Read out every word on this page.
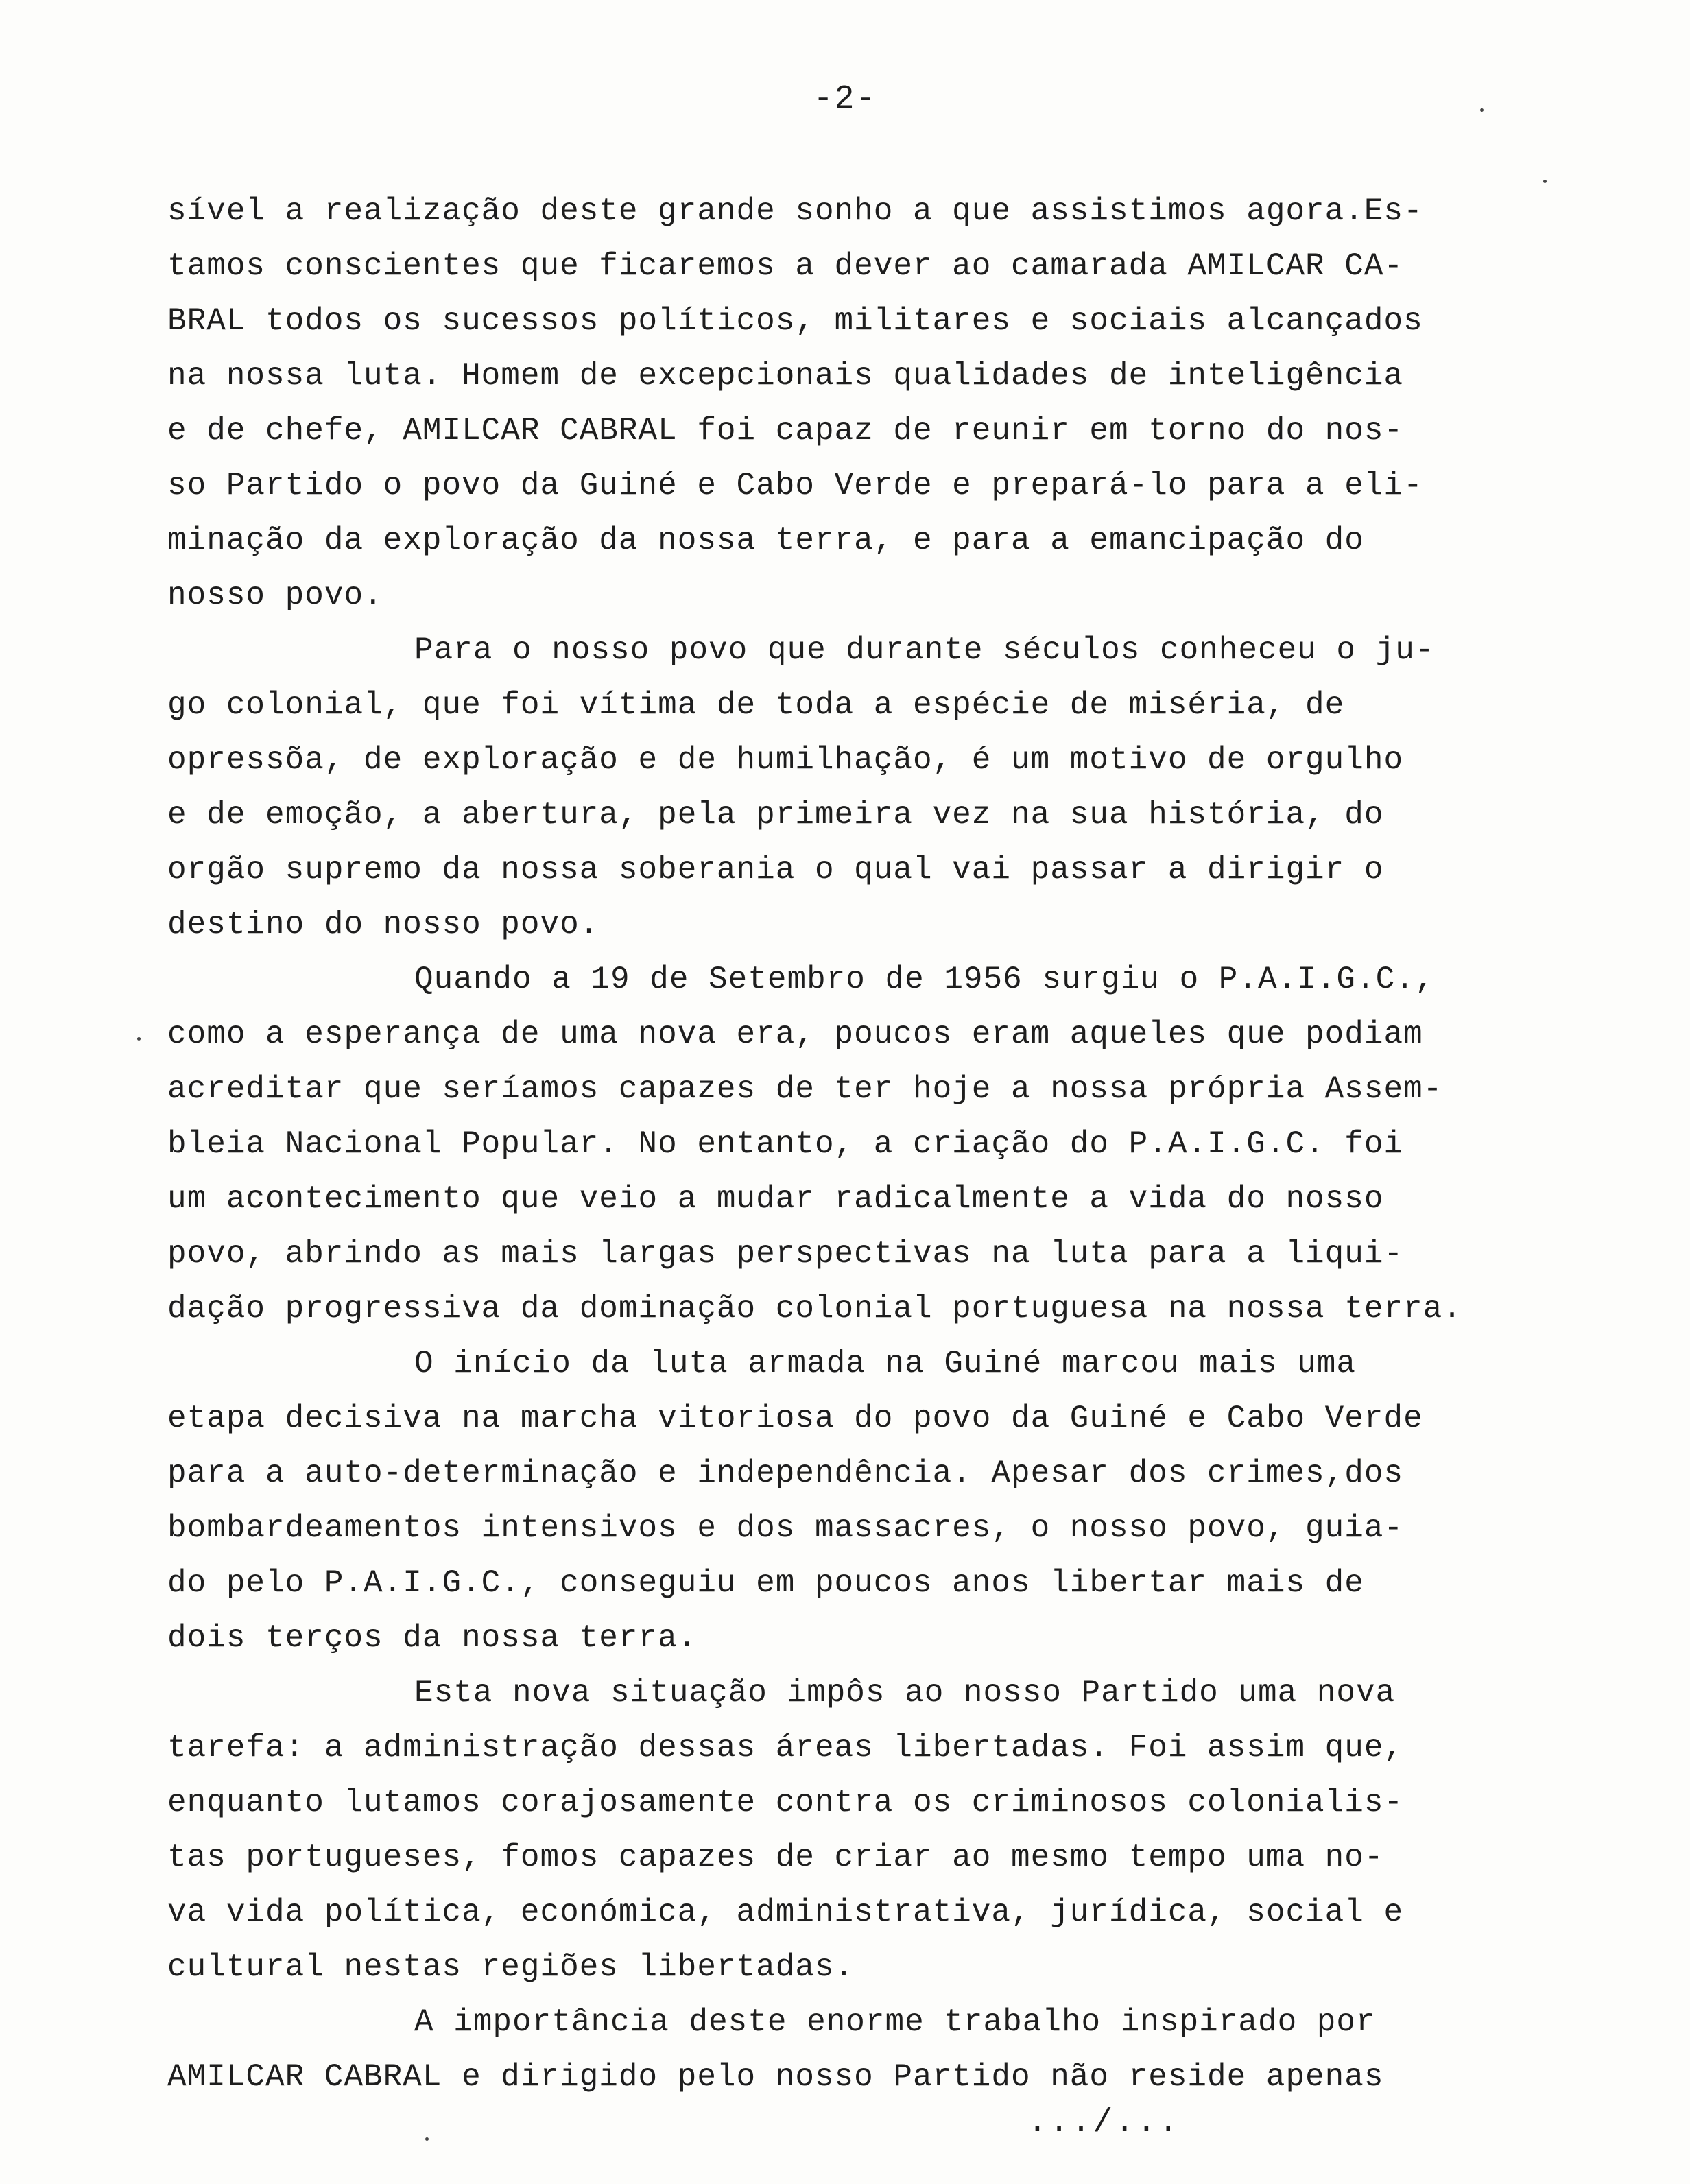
-2-
sível a realização deste grande sonho a que assistimos agora.Es-
tamos conscientes que ficaremos a dever ao camarada AMILCAR CA-
BRAL todos os sucessos políticos, militares e sociais alcançados
na nossa luta. Homem de excepcionais qualidades de inteligência
e de chefe, AMILCAR CABRAL foi capaz de reunir em torno do nos-
so Partido o povo da Guiné e Cabo Verde e prepará-lo para a eli-
minação da exploração da nossa terra, e para a emancipação do
nosso povo.
Para o nosso povo que durante séculos conheceu o ju-
go colonial, que foi vítima de toda a espécie de miséria, de
opressõa, de exploração e de humilhação, é um motivo de orgulho
e de emoção, a abertura, pela primeira vez na sua história, do
orgão supremo da nossa soberania o qual vai passar a dirigir o
destino do nosso povo.
Quando a 19 de Setembro de 1956 surgiu o P.A.I.G.C.,
como a esperança de uma nova era, poucos eram aqueles que podiam
acreditar que seríamos capazes de ter hoje a nossa própria Assem-
bleia Nacional Popular. No entanto, a criação do P.A.I.G.C. foi
um acontecimento que veio a mudar radicalmente a vida do nosso
povo, abrindo as mais largas perspectivas na luta para a liqui-
dação progressiva da dominação colonial portuguesa na nossa terra.
O início da luta armada na Guiné marcou mais uma
etapa decisiva na marcha vitoriosa do povo da Guiné e Cabo Verde
para a auto-determinação e independência. Apesar dos crimes,dos
bombardeamentos intensivos e dos massacres, o nosso povo, guia-
do pelo P.A.I.G.C., conseguiu em poucos anos libertar mais de
dois terços da nossa terra.
Esta nova situação impôs ao nosso Partido uma nova
tarefa: a administração dessas áreas libertadas. Foi assim que,
enquanto lutamos corajosamente contra os criminosos colonialis-
tas portugueses, fomos capazes de criar ao mesmo tempo uma no-
va vida política, económica, administrativa, jurídica, social e
cultural nestas regiões libertadas.
A importância deste enorme trabalho inspirado por
AMILCAR CABRAL e dirigido pelo nosso Partido não reside apenas
.../...
